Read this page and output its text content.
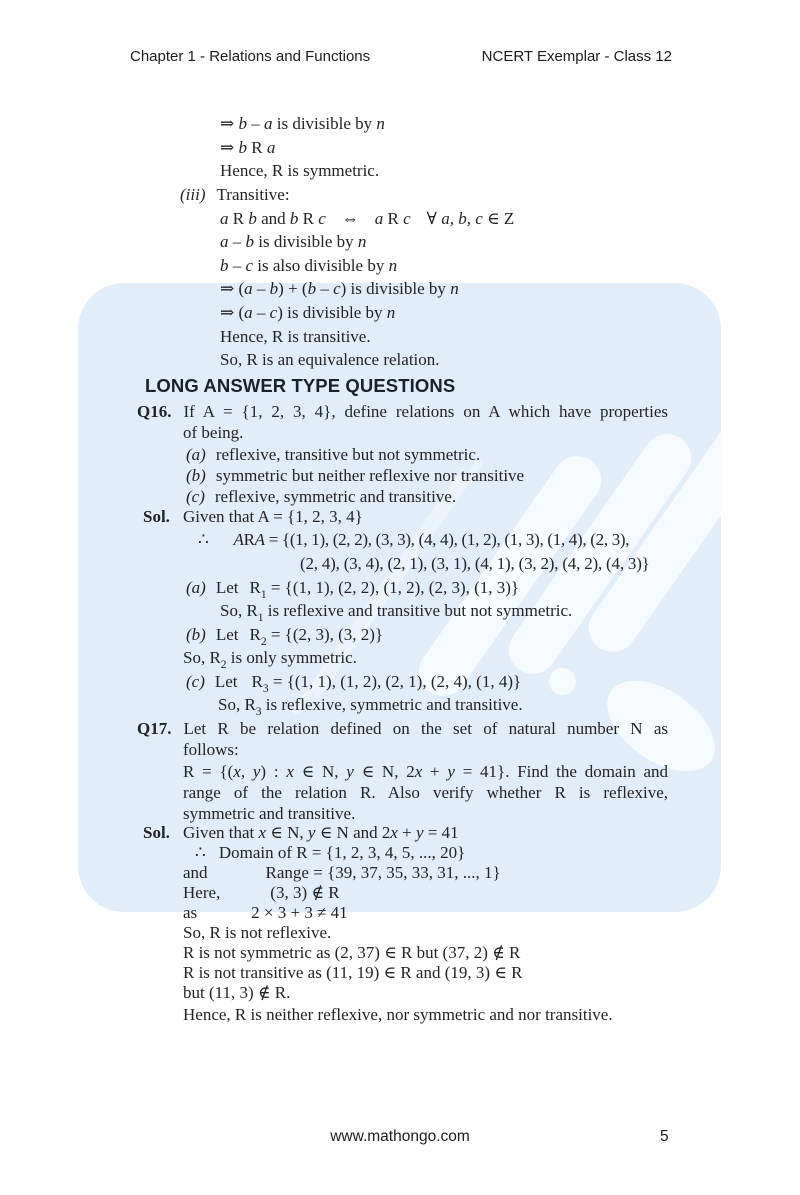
Chapter 1 - Relations and Functions	NCERT Exemplar - Class 12
⇒ b – a is divisible by n
⇒ b R a
Hence, R is symmetric.
(iii) Transitive:
a R b and b R c ⇔ a R c ∀ a, b, c ∈ Z
a – b is divisible by n
b – c is also divisible by n
⇒ (a – b) + (b – c) is divisible by n
⇒ (a – c) is divisible by n
Hence, R is transitive.
So, R is an equivalence relation.
LONG ANSWER TYPE QUESTIONS
Q16. If A = {1, 2, 3, 4}, define relations on A which have properties
of being.
(a) reflexive, transitive but not symmetric.
(b) symmetric but neither reflexive nor transitive
(c) reflexive, symmetric and transitive.
Sol. Given that A = {1, 2, 3, 4}
∴ ARA = {(1, 1), (2, 2), (3, 3), (4, 4), (1, 2), (1, 3), (1, 4), (2, 3),
(2, 4), (3, 4), (2, 1), (3, 1), (4, 1), (3, 2), (4, 2), (4, 3)}
(a) Let $R_1 = \{(1$, 1), (2, 2), (1, 2), (2, 3), (1, 3)}
So, $R_1$ is reflexive and transitive but not symmetric.
(b) Let $R_2 = \{(2$, 3), (3, 2)}
So, $R_2$ is only symmetric.
(c) Let $R_3 = \{(1$, 1), (1, 2), (2, 1), (2, 4), (1, 4)}
So, $R_3$ is reflexive, symmetric and transitive.
Q17. Let R be relation defined on the set of natural number N as
follows:
R = {(x, y) : x ∈ N, y ∈ N, 2x + y = 41}. Find the domain and
range of the relation R. Also verify whether R is reflexive,
symmetric and transitive.
Sol. Given that x ∈ N, y ∈ N and 2x + y = 41
∴ Domain of R = {1, 2, 3, 4, 5, ..., 20}
and	Range = {39, 37, 35, 33, 31, ..., 1}
Here,	(3, 3) ∉ R
as	2 × 3 + 3 ≠ 41
So, R is not reflexive.
R is not symmetric as (2, 37) ∈ R but (37, 2) ∉ R
R is not transitive as (11, 19) ∈ R and (19, 3) ∈ R
but (11, 3) ∉ R.
Hence, R is neither reflexive, nor symmetric and nor transitive.
www.mathongo.com	5
